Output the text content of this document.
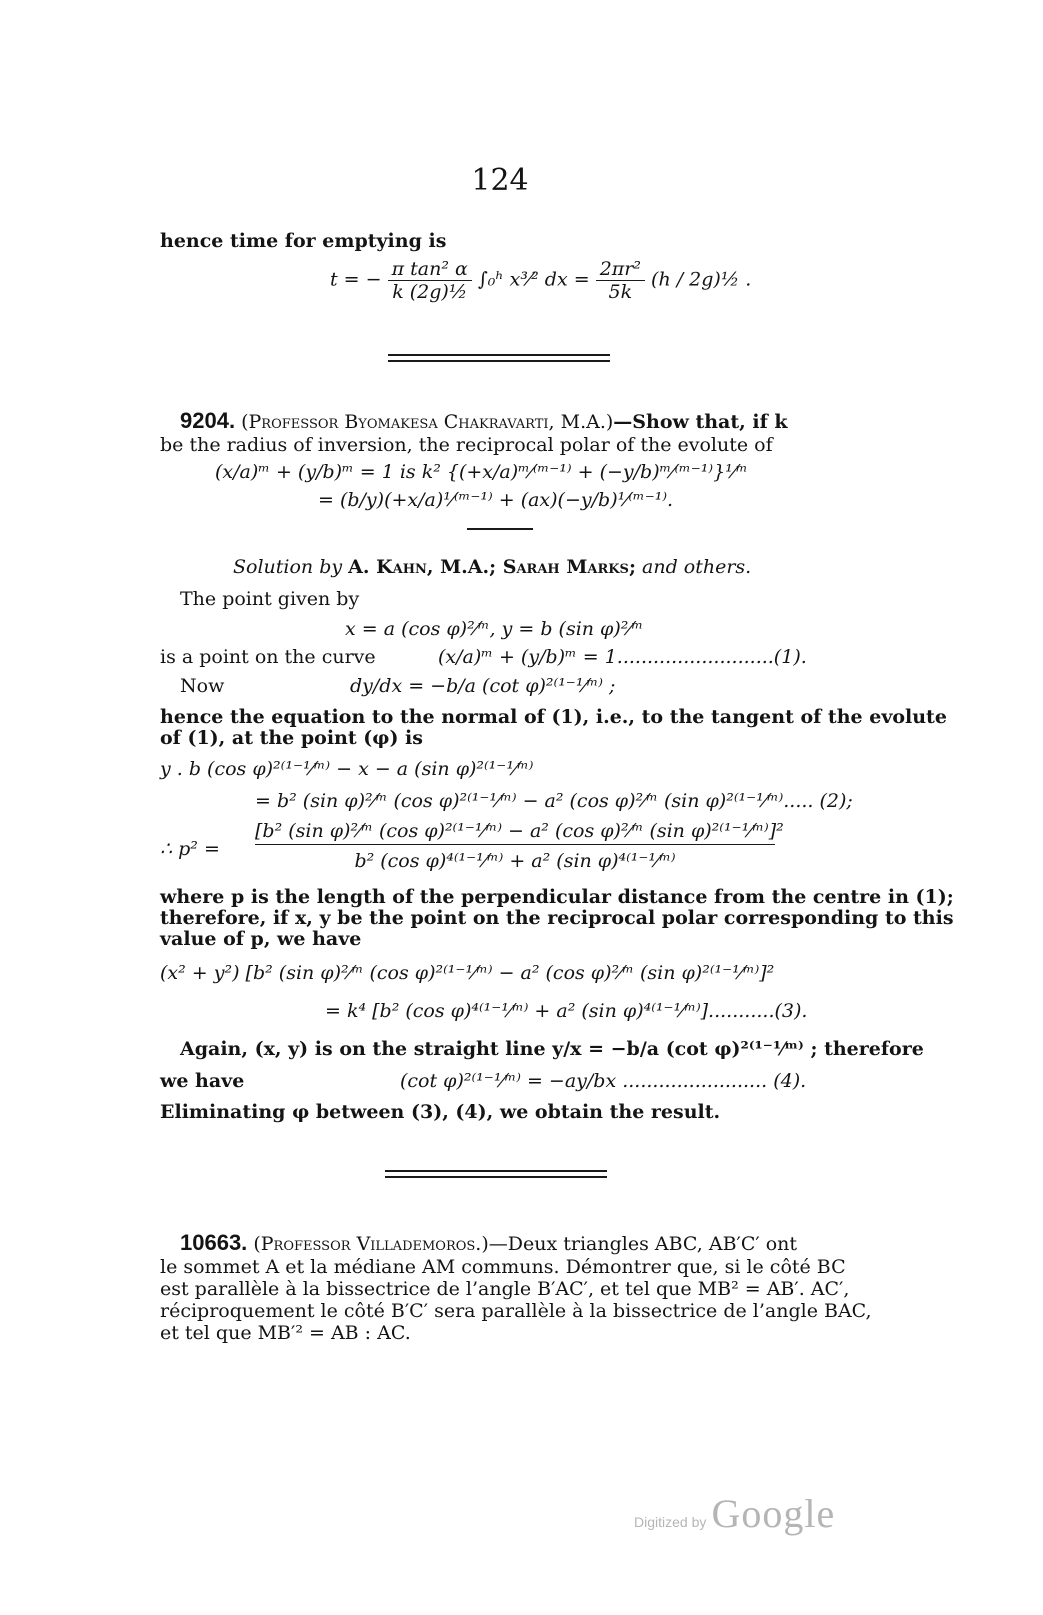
124
hence time for emptying is
t = − $\frac{\text{π tan² α}}{\text{k (2g)½}}$ ∫₀ʰ x³⁄² dx = $\frac{\text{2πr²}}{5k} (h$ / 2g)½ .
9204. (Professor Byomakesa Chakravarti, M.A.)—Show that, if k
be the radius of inversion, the reciprocal polar of the evolute of
(x/a)ᵐ + (y/b)ᵐ = 1 is k² {(+x/a)ᵐ⁄⁽ᵐ⁻¹⁾ + (−y/b)ᵐ⁄⁽ᵐ⁻¹⁾}¹⁄ᵐ
= (b/y)(+x/a)¹⁄⁽ᵐ⁻¹⁾ + (ax)(−y/b)¹⁄⁽ᵐ⁻¹⁾.
Solution by A. Kahn, M.A.; Sarah Marks; and others.
The point given by
x = a (cos φ)²⁄ᵐ, y = b (sin φ)²⁄ᵐ
is a point on the curve	(x/a)ᵐ + (y/b)ᵐ = 1..........................(1).
Now	dy/dx = −b/a (cot φ)²⁽¹⁻¹⁄ᵐ⁾ ;
hence the equation to the normal of (1), i.e., to the tangent of the evolute
of (1), at the point (φ) is
y . b (cos φ)²⁽¹⁻¹⁄ᵐ⁾ − x − a (sin φ)²⁽¹⁻¹⁄ᵐ⁾
= b² (sin φ)²⁄ᵐ (cos φ)²⁽¹⁻¹⁄ᵐ⁾ − a² (cos φ)²⁄ᵐ (sin φ)²⁽¹⁻¹⁄ᵐ⁾..... (2);
∴ p² =
[b² (sin φ)²⁄ᵐ (cos φ)²⁽¹⁻¹⁄ᵐ⁾ − a² (cos φ)²⁄ᵐ (sin φ)²⁽¹⁻¹⁄ᵐ⁾]²
b² (cos φ)⁴⁽¹⁻¹⁄ᵐ⁾ + a² (sin φ)⁴⁽¹⁻¹⁄ᵐ⁾
where p is the length of the perpendicular distance from the centre in (1);
therefore, if x, y be the point on the reciprocal polar corresponding to this
value of p, we have
(x² + y²) [b² (sin φ)²⁄ᵐ (cos φ)²⁽¹⁻¹⁄ᵐ⁾ − a² (cos φ)²⁄ᵐ (sin φ)²⁽¹⁻¹⁄ᵐ⁾]²
= k⁴ [b² (cos φ)⁴⁽¹⁻¹⁄ᵐ⁾ + a² (sin φ)⁴⁽¹⁻¹⁄ᵐ⁾]...........(3).
Again, (x, y) is on the straight line y/x = −b/a (cot φ)²⁽¹⁻¹⁄ᵐ⁾ ; therefore
we have	(cot φ)²⁽¹⁻¹⁄ᵐ⁾ = −ay/bx ........................ (4).
Eliminating φ between (3), (4), we obtain the result.
10663. (Professor Villademoros.)—Deux triangles ABC, AB′C′ ont
le sommet A et la médiane AM communs. Démontrer que, si le côté BC
est parallèle à la bissectrice de l’angle B′AC′, et tel que MB² = AB′. AC′,
réciproquement le côté B′C′ sera parallèle à la bissectrice de l’angle BAC,
et tel que MB′² = AB : AC.
Digitized by Google
